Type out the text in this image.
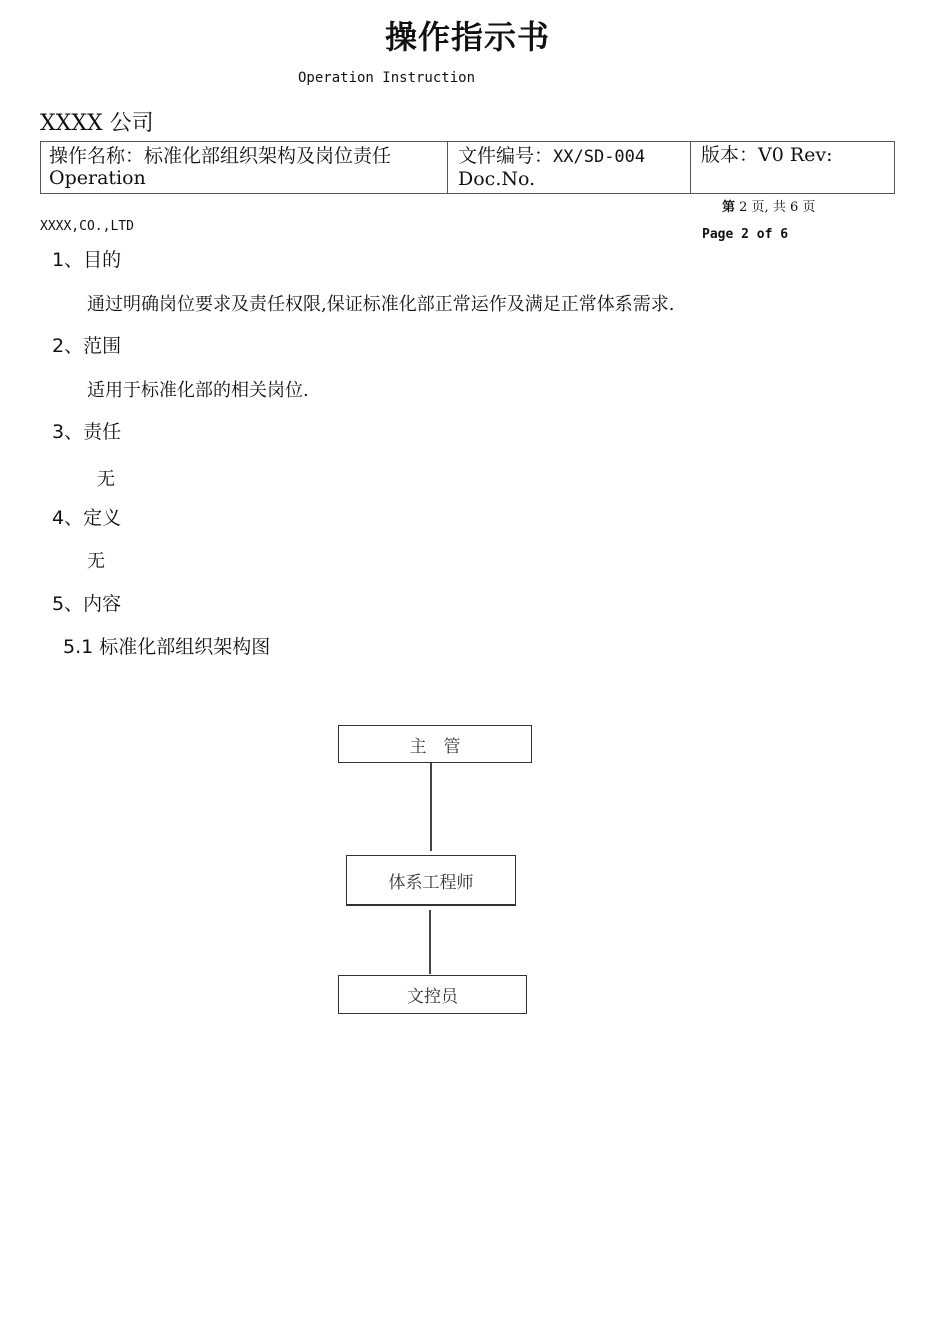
操作指示书
Operation Instruction
XXXX 公司
操作名称：标准化部组织架构及岗位责任
Operation
文件编号：XX/SD-004
Doc.No.
版本：V0 Rev:
第 2 页, 共 6 页
XXXX,CO.,LTD
Page 2 of 6
1、目的
通过明确岗位要求及责任权限,保证标准化部正常运作及满足正常体系需求.
2、范围
适用于标准化部的相关岗位.
3、责任
无
4、定义
无
5、内容
5.1 标准化部组织架构图
主　管
体系工程师
文控员
